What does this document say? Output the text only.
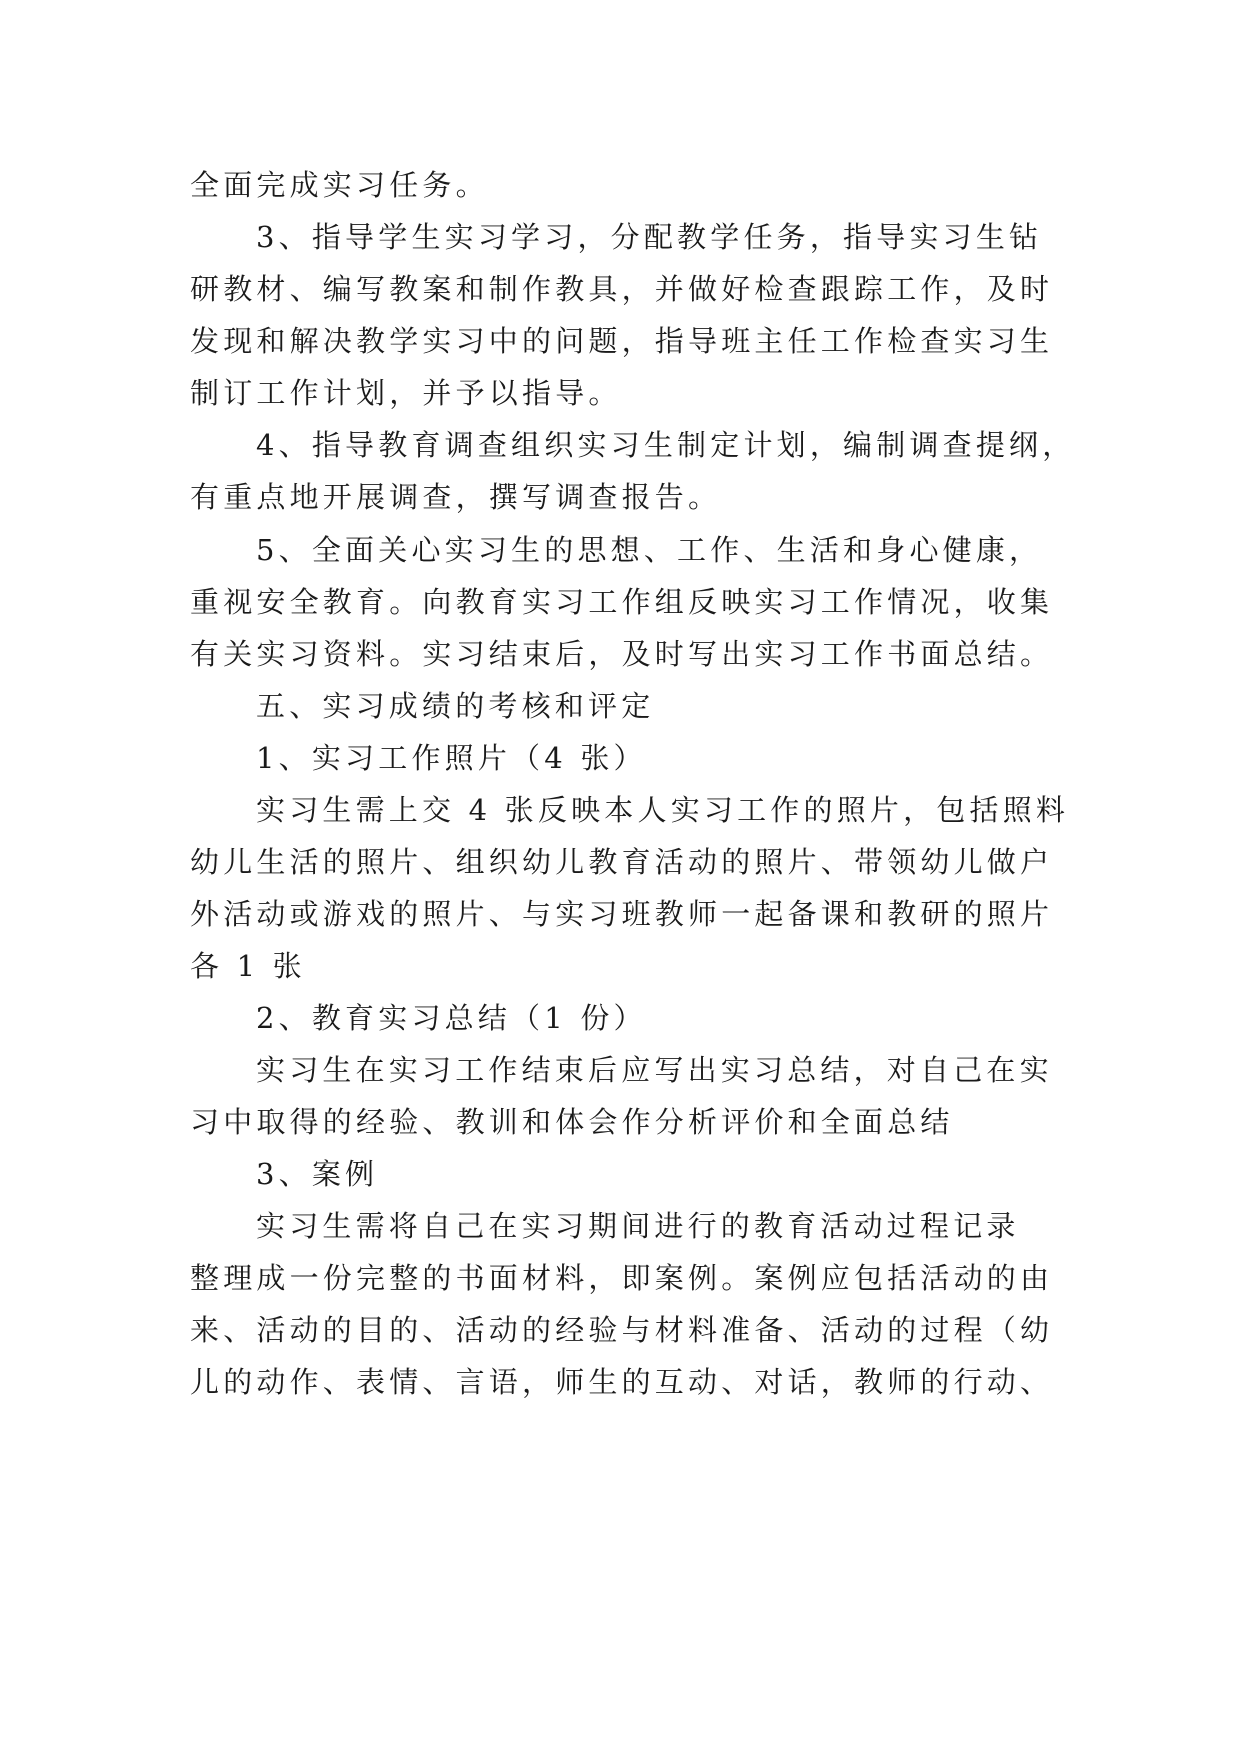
全面完成实习任务。
3、指导学生实习学习，分配教学任务，指导实习生钻
研教材、编写教案和制作教具，并做好检查跟踪工作，及时
发现和解决教学实习中的问题，指导班主任工作检查实习生
制订工作计划，并予以指导。
4、指导教育调查组织实习生制定计划，编制调查提纲，
有重点地开展调查，撰写调查报告。
5、全面关心实习生的思想、工作、生活和身心健康，
重视安全教育。向教育实习工作组反映实习工作情况，收集
有关实习资料。实习结束后，及时写出实习工作书面总结。
五、实习成绩的考核和评定
1、实习工作照片（4 张）
实习生需上交 4 张反映本人实习工作的照片，包括照料
幼儿生活的照片、组织幼儿教育活动的照片、带领幼儿做户
外活动或游戏的照片、与实习班教师一起备课和教研的照片
各 1 张
2、教育实习总结（1 份）
实习生在实习工作结束后应写出实习总结，对自己在实
习中取得的经验、教训和体会作分析评价和全面总结
3、案例
实习生需将自己在实习期间进行的教育活动过程记录
整理成一份完整的书面材料，即案例。案例应包括活动的由
来、活动的目的、活动的经验与材料准备、活动的过程（幼
儿的动作、表情、言语，师生的互动、对话，教师的行动、
